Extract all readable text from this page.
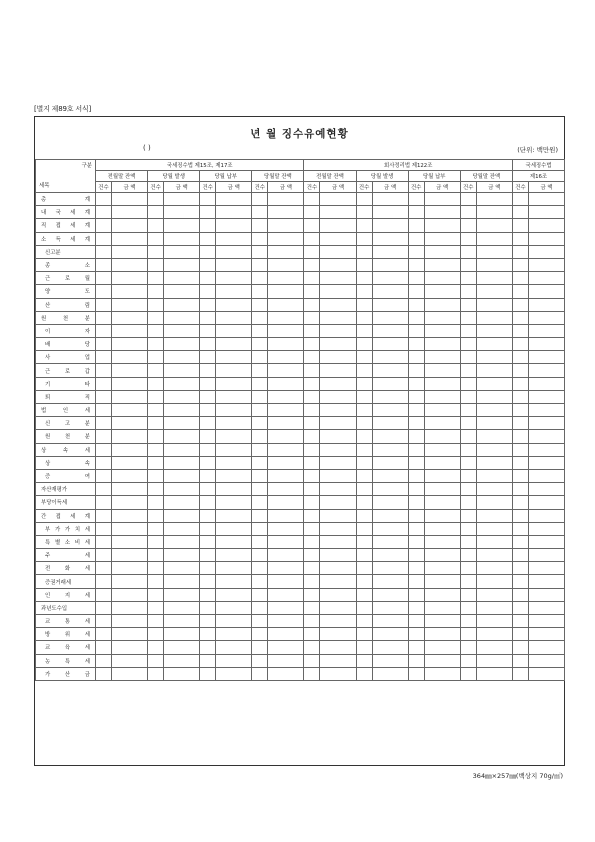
[별지 제89호 서식]
년 월 징수유예현황
( )	(단위: 백만원)
구분
세목	국세징수법 제15조, 제17조								회사정리법 제122조								국세징수법	
	전월말 잔액		당월 발생		당월 납부		당월말 잔액		전월말 잔액		당월 발생		당월 납부		당월말 잔액		제16조	
	건수	금 액	건수	금 액	건수	금 액	건수	금 액	건수	금 액	건수	금 액	건수	금 액	건수	금 액	건수	금 액
총 계																		
내 국 세 계																		
직 접 세 계																		
소 득 세 계																		
신고분																		
종 소																		
근 로 월																		
양 도																		
산 림																		
원 천 분																		
이 자																		
배 당																		
사 업																		
근 로 갑																		
기 타																		
퇴 직																		
법 인 세																		
신 고 분																		
원 천 분																		
상 속 세																		
상 속																		
증 여																		
자산재평가																		
부당이득세																		
간 접 세 계																		
부 가 가 치 세																		
특 별 소 비 세																		
주 세																		
전 화 세																		
증권거래세																		
인 지 세																		
과년도수입																		
교 통 세																		
방 위 세																		
교 육 세																		
농 특 세																		
가 산 금																		
364㎜×257㎜(백상지 70g/㎡)
